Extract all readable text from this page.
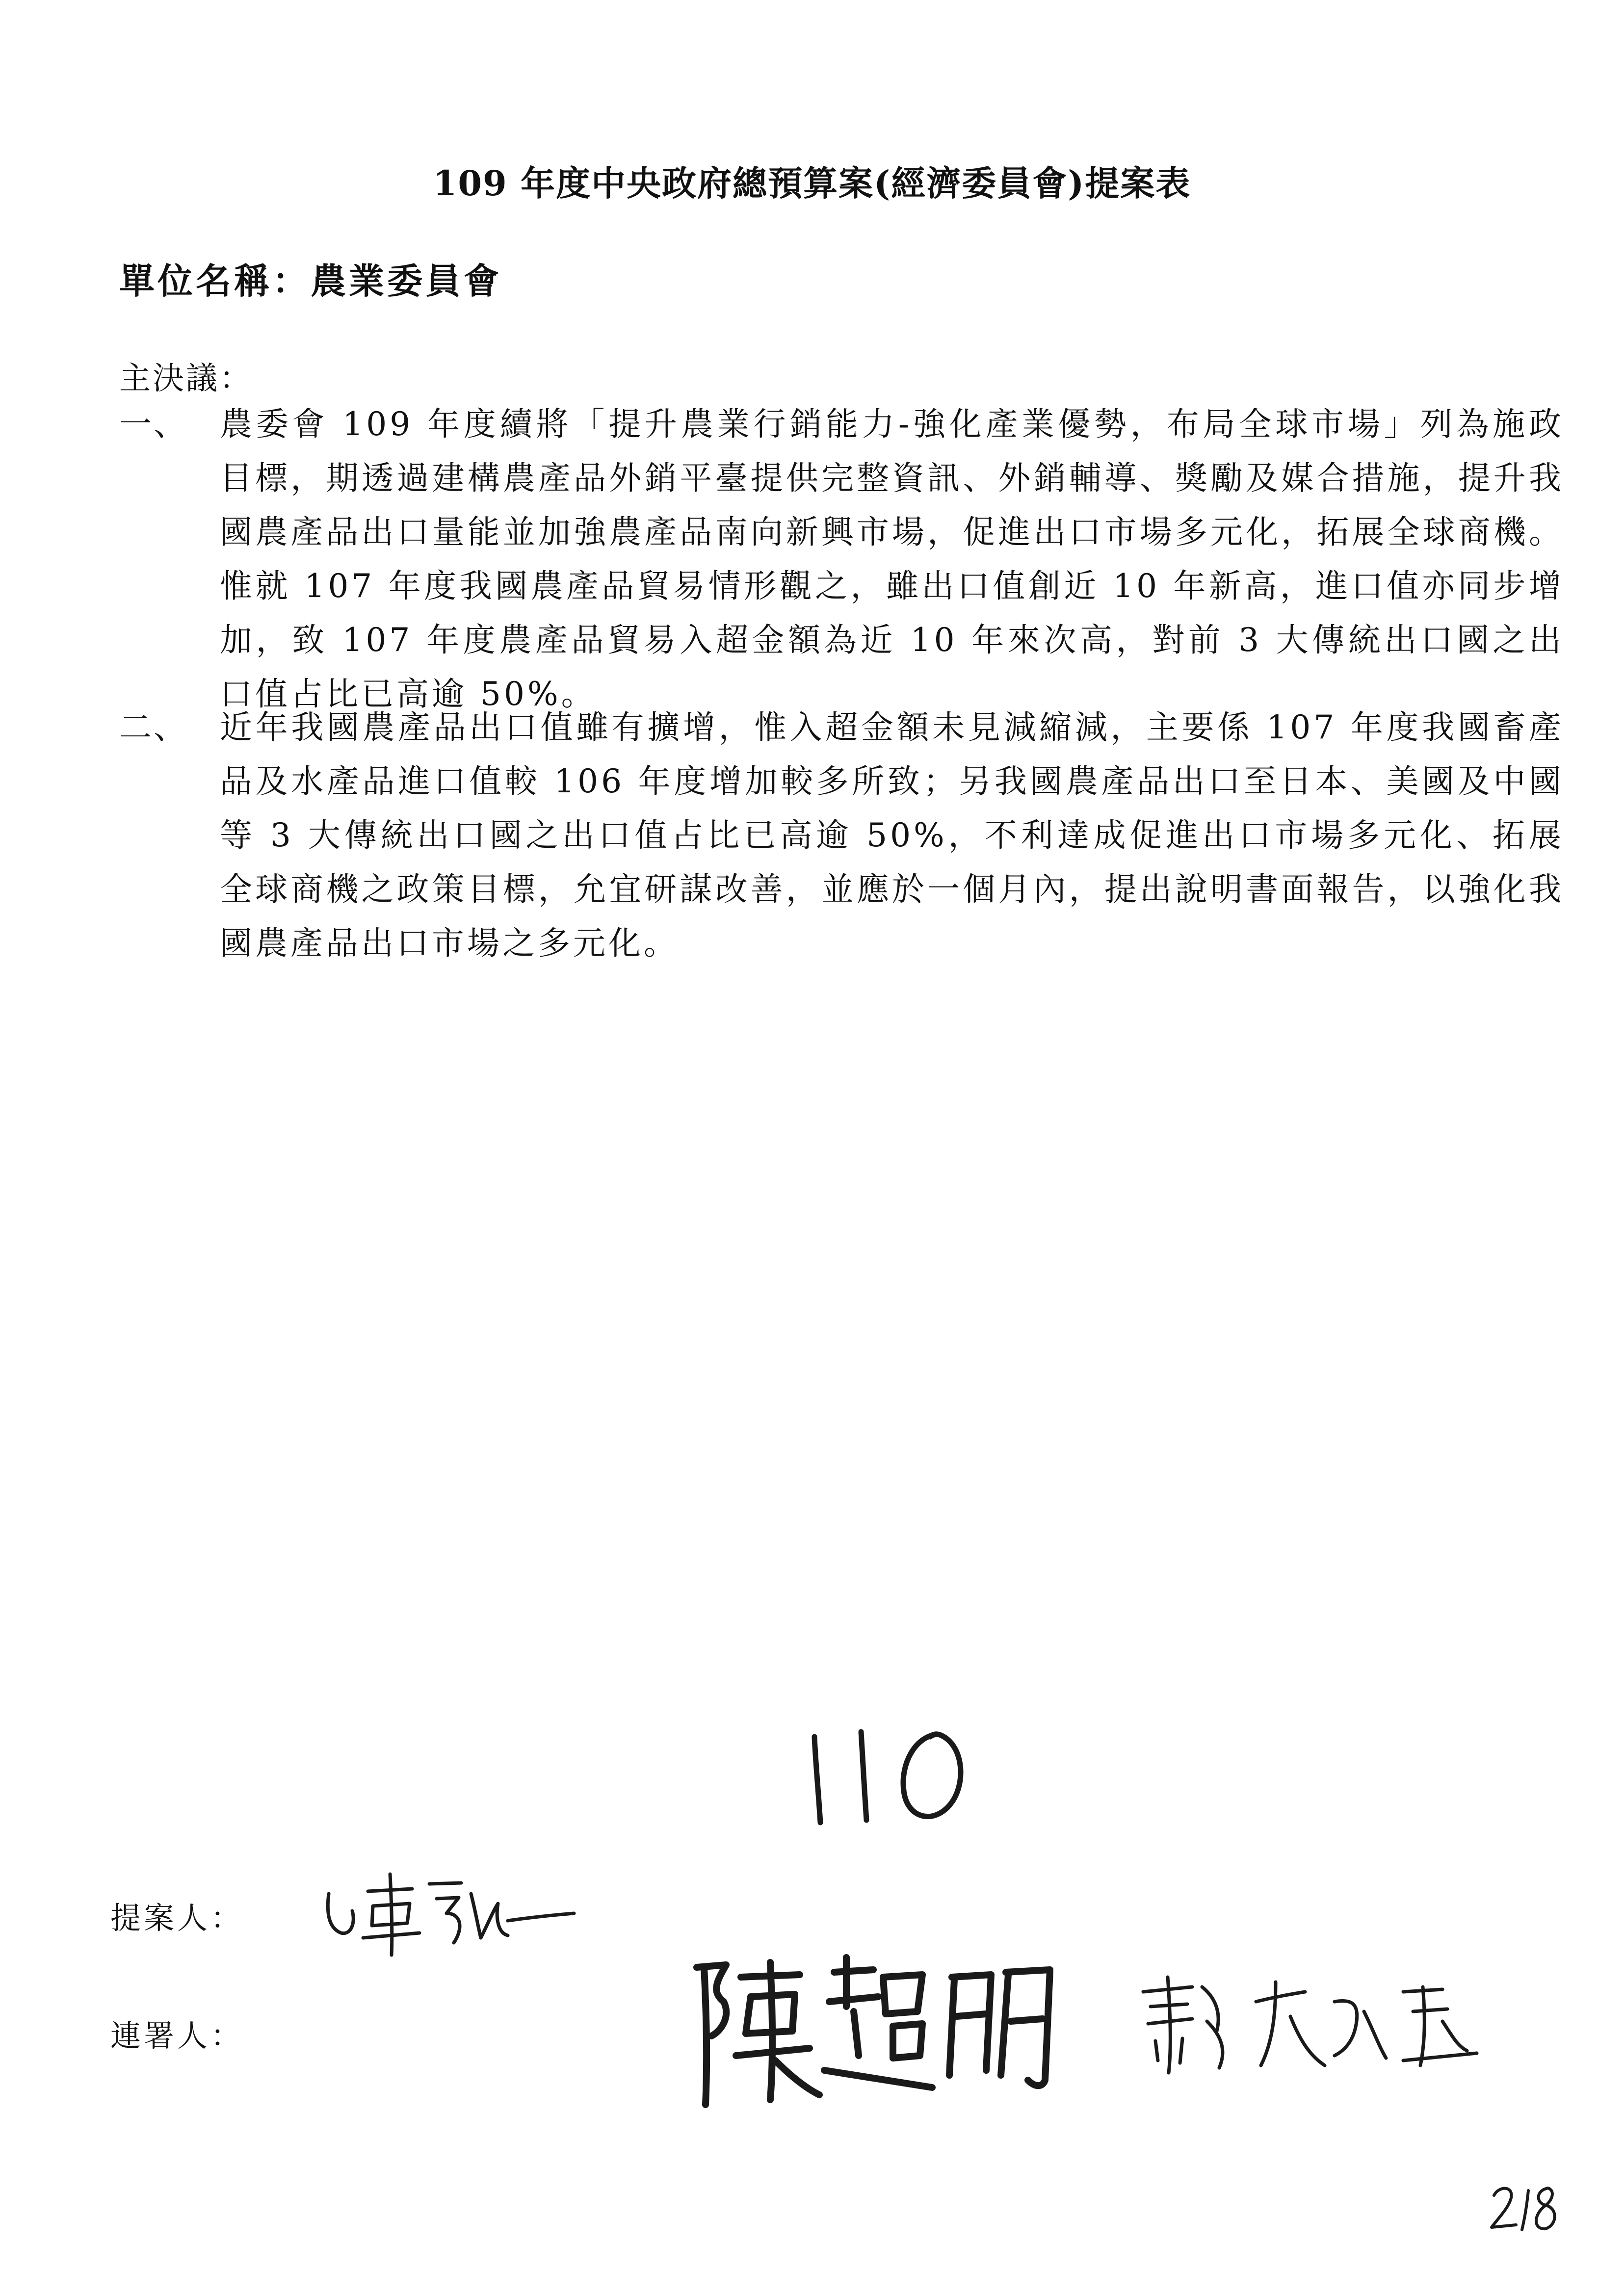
109 年度中央政府總預算案(經濟委員會)提案表
單位名稱：農業委員會
主決議：
一、 農委會 109 年度續將「提升農業行銷能力-強化產業優勢，布局全球市場」列為施政目標，期透過建構農產品外銷平臺提供完整資訊、外銷輔導、獎勵及媒合措施，提升我國農產品出口量能並加強農產品南向新興市場，促進出口市場多元化，拓展全球商機。惟就 107 年度我國農產品貿易情形觀之，雖出口值創近 10 年新高，進口值亦同步增加，致 107 年度農產品貿易入超金額為近 10 年來次高，對前 3 大傳統出口國之出口值占比已高逾 50%。
二、 近年我國農產品出口值雖有擴增，惟入超金額未見減縮減，主要係 107 年度我國畜產品及水產品進口值較 106 年度增加較多所致；另我國農產品出口至日本、美國及中國等 3 大傳統出口國之出口值占比已高逾 50%，不利達成促進出口市場多元化、拓展全球商機之政策目標，允宜研謀改善，並應於一個月內，提出說明書面報告，以強化我國農產品出口市場之多元化。
提案人：
連署人：
